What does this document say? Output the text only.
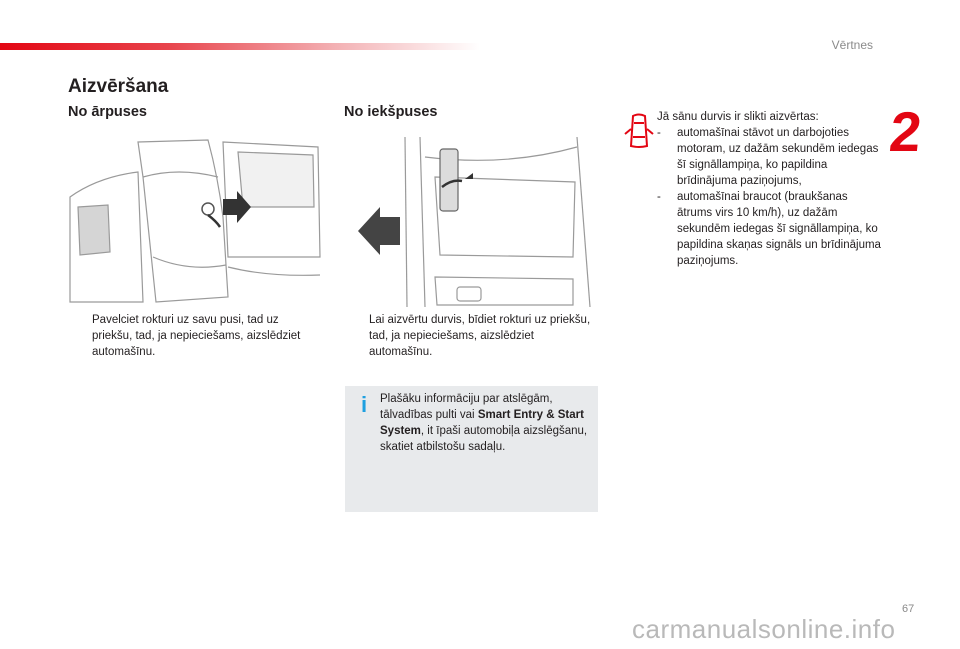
Vērtnes
2
Aizvēršana
No ārpuses	No iekšpuses
Pavelciet rokturi uz savu pusi, tad uz priekšu, tad, ja nepieciešams, aizslēdziet automašīnu.
Lai aizvērtu durvis, bīdiet rokturi uz priekšu, tad, ja nepieciešams, aizslēdziet automašīnu.
i	Plašāku informāciju par atslēgām, tālvadības pulti vai Smart Entry & Start System, it īpaši automobiļa aizslēgšanu, skatiet atbilstošu sadaļu.
Jā sānu durvis ir slikti aizvērtas:
- automašīnai stāvot un darbojoties motoram, uz dažām sekundēm iedegas šī signāllampiņa, ko papildina brīdinājuma paziņojums,
- automašīnai braucot (braukšanas ātrums virs 10 km/h), uz dažām sekundēm iedegas šī signāllampiņa, ko papildina skaņas signāls un brīdinājuma paziņojums.
67
carmanualsonline.info
